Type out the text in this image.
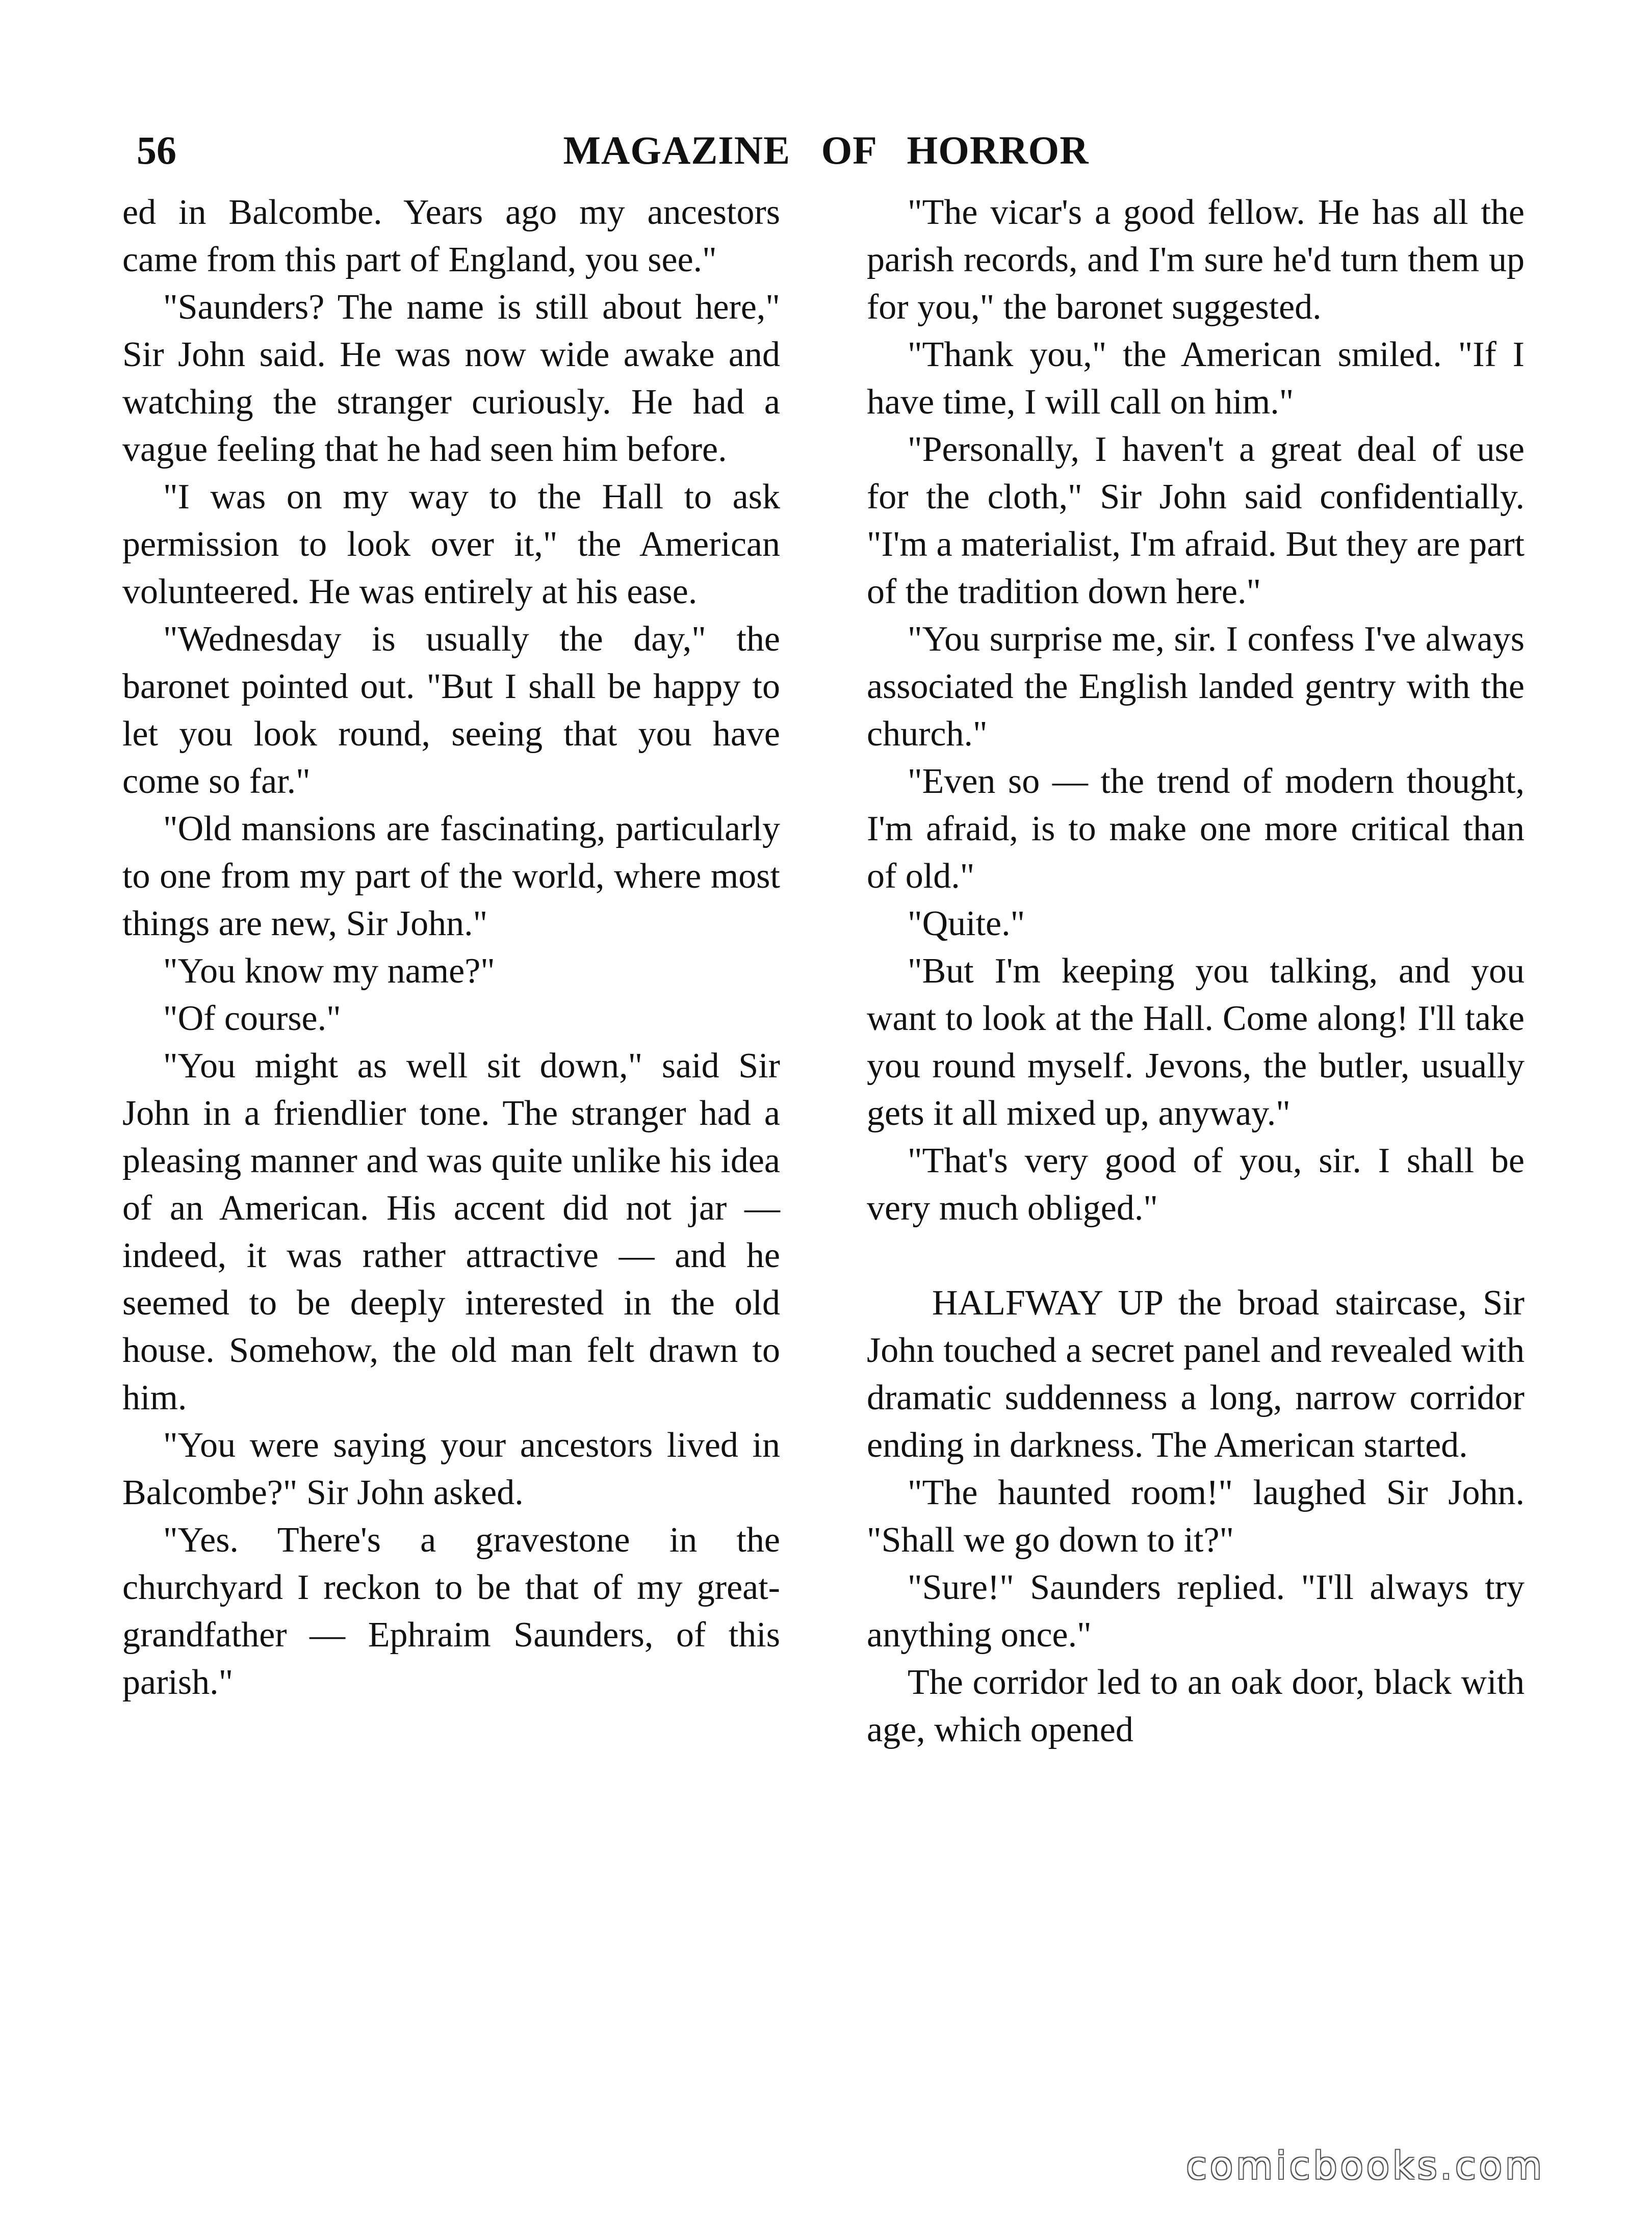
56	MAGAZINE OF HORROR

ed in Balcombe. Years ago my ancestors came from this part of England, you see."

"Saunders? The name is still about here," Sir John said. He was now wide awake and watching the stranger curiously. He had a vague feeling that he had seen him before.

"I was on my way to the Hall to ask permission to look over it," the American volunteered. He was entirely at his ease.

"Wednesday is usually the day," the baronet pointed out. "But I shall be happy to let you look round, seeing that you have come so far."

"Old mansions are fascinating, particularly to one from my part of the world, where most things are new, Sir John."

"You know my name?"

"Of course."

"You might as well sit down," said Sir John in a friendlier tone. The stranger had a pleasing manner and was quite unlike his idea of an American. His accent did not jar — indeed, it was rather attractive — and he seemed to be deeply interested in the old house. Somehow, the old man felt drawn to him.

"You were saying your ancestors lived in Balcombe?" Sir John asked.

"Yes. There's a gravestone in the churchyard I reckon to be that of my great-grandfather — Ephraim Saunders, of this parish."

"The vicar's a good fellow. He has all the parish records, and I'm sure he'd turn them up for you," the baronet suggested.

"Thank you," the American smiled. "If I have time, I will call on him."

"Personally, I haven't a great deal of use for the cloth," Sir John said confidentially. "I'm a materialist, I'm afraid. But they are part of the tradition down here."

"You surprise me, sir. I confess I've always associated the English landed gentry with the church."

"Even so — the trend of modern thought, I'm afraid, is to make one more critical than of old."

"Quite."

"But I'm keeping you talking, and you want to look at the Hall. Come along! I'll take you round myself. Jevons, the butler, usually gets it all mixed up, anyway."

"That's very good of you, sir. I shall be very much obliged."

HALFWAY UP the broad staircase, Sir John touched a secret panel and revealed with dramatic suddenness a long, narrow corridor ending in darkness. The American started.

"The haunted room!" laughed Sir John. "Shall we go down to it?"

"Sure!" Saunders replied. "I'll always try anything once."

The corridor led to an oak door, black with age, which opened

comicbooks.com
